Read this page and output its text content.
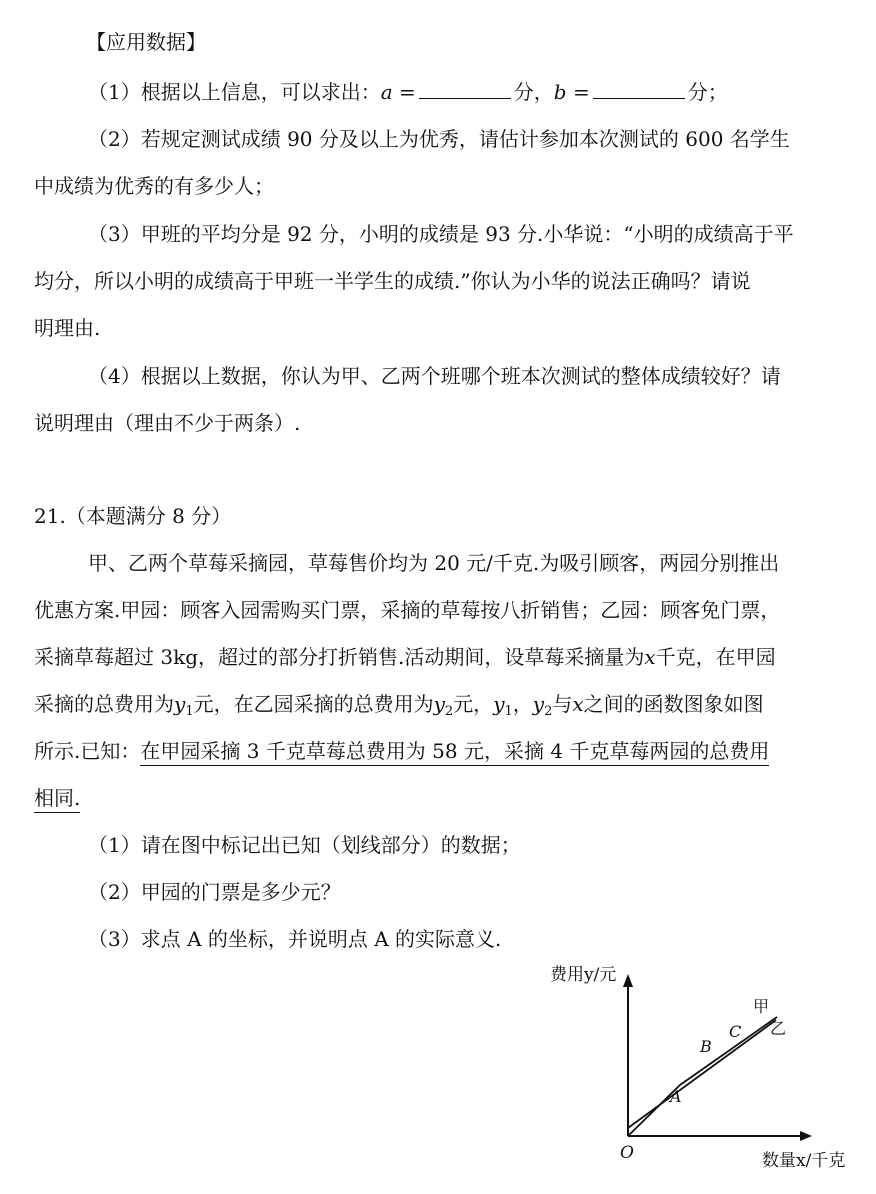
【应用数据】
（1）根据以上信息，可以求出：a =	分，b =	分；
（2）若规定测试成绩 90 分及以上为优秀，请估计参加本次测试的 600 名学生
中成绩为优秀的有多少人；
（3）甲班的平均分是 92 分，小明的成绩是 93 分.小华说：“小明的成绩高于平
均分，所以小明的成绩高于甲班一半学生的成绩.”你认为小华的说法正确吗？请说
明理由.
（4）根据以上数据，你认为甲、乙两个班哪个班本次测试的整体成绩较好？请
说明理由（理由不少于两条）.
21.（本题满分 8 分）
甲、乙两个草莓采摘园，草莓售价均为 20 元/千克.为吸引顾客，两园分别推出
优惠方案.甲园：顾客入园需购买门票，采摘的草莓按八折销售；乙园：顾客免门票，
采摘草莓超过 3kg，超过的部分打折销售.活动期间，设草莓采摘量为x千克，在甲园
采摘的总费用为$y_1$元，在乙园采摘的总费用为$y_2$元，$y_1$，$y_2$与x之间的函数图象如图
所示.已知：在甲园采摘 3 千克草莓总费用为 58 元，采摘 4 千克草莓两园的总费用
相同.
（1）请在图中标记出已知（划线部分）的数据；
（2）甲园的门票是多少元？
（3）求点 A 的坐标，并说明点 A 的实际意义.
费用y/元
数量x/千克
O
A
B
C
甲
乙
